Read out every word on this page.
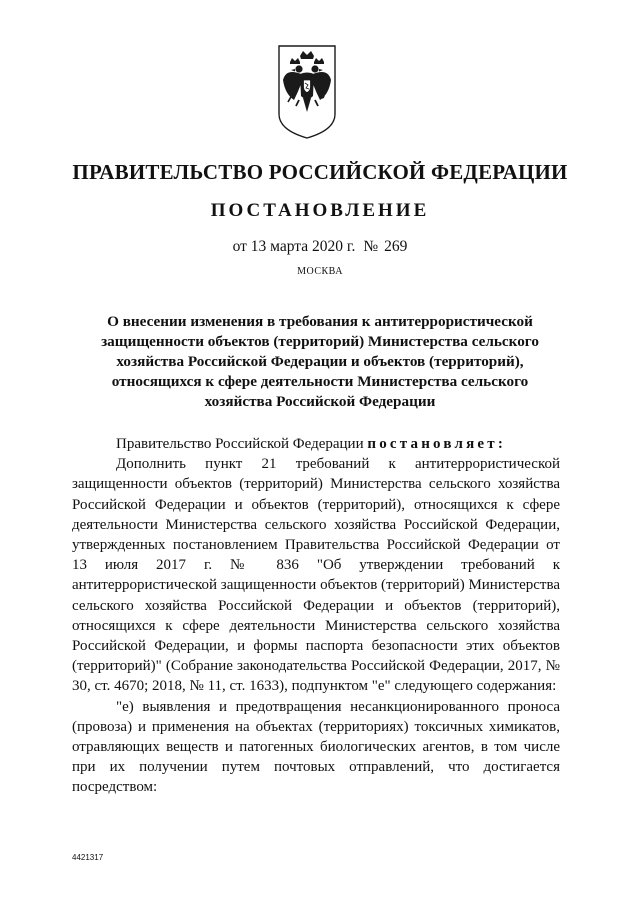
ПРАВИТЕЛЬСТВО РОССИЙСКОЙ ФЕДЕРАЦИИ
ПОСТАНОВЛЕНИЕ

от 13 марта 2020 г. № 269

МОСКВА

О внесении изменения в требования к антитеррористической защищенности объектов (территорий) Министерства сельского хозяйства Российской Федерации и объектов (территорий), относящихся к сфере деятельности Министерства сельского хозяйства Российской Федерации

Правительство Российской Федерации постановляет:

Дополнить пункт 21 требований к антитеррористической защищенности объектов (территорий) Министерства сельского хозяйства Российской Федерации и объектов (территорий), относящихся к сфере деятельности Министерства сельского хозяйства Российской Федерации, утвержденных постановлением Правительства Российской Федерации от 13 июля 2017 г. № 836 "Об утверждении требований к антитеррористической защищенности объектов (территорий) Министерства сельского хозяйства Российской Федерации и объектов (территорий), относящихся к сфере деятельности Министерства сельского хозяйства Российской Федерации, и формы паспорта безопасности этих объектов (территорий)" (Собрание законодательства Российской Федерации, 2017, № 30, ст. 4670; 2018, № 11, ст. 1633), подпунктом "е" следующего содержания:

"е) выявления и предотвращения несанкционированного проноса (провоза) и применения на объектах (территориях) токсичных химикатов, отравляющих веществ и патогенных биологических агентов, в том числе при их получении путем почтовых отправлений, что достигается посредством:

4421317
